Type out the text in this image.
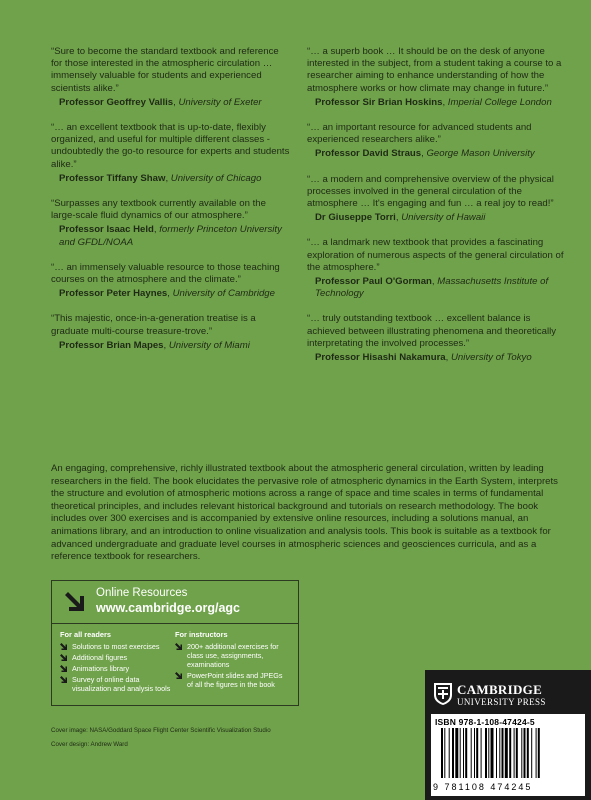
“Sure to become the standard textbook and reference for those interested in the atmospheric circulation … immensely valuable for students and experienced scientists alike.”
Professor Geoffrey Vallis, University of Exeter
“… an excellent textbook that is up-to-date, flexibly organized, and useful for multiple different classes - undoubtedly the go-to resource for experts and students alike.”
Professor Tiffany Shaw, University of Chicago
“Surpasses any textbook currently available on the large-scale fluid dynamics of our atmosphere.”
Professor Isaac Held, formerly Princeton University and GFDL/NOAA
“… an immensely valuable resource to those teaching courses on the atmosphere and the climate.”
Professor Peter Haynes, University of Cambridge
“This majestic, once-in-a-generation treatise is a graduate multi-course treasure-trove.”
Professor Brian Mapes, University of Miami
“… a superb book … It should be on the desk of anyone interested in the subject, from a student taking a course to a researcher aiming to enhance understanding of how the atmosphere works or how climate may change in future.”
Professor Sir Brian Hoskins, Imperial College London
“… an important resource for advanced students and experienced researchers alike.”
Professor David Straus, George Mason University
“… a modern and comprehensive overview of the physical processes involved in the general circulation of the atmosphere … It's engaging and fun … a real joy to read!”
Dr Giuseppe Torri, University of Hawaii
“… a landmark new textbook that provides a fascinating exploration of numerous aspects of the general circulation of the atmosphere.”
Professor Paul O'Gorman, Massachusetts Institute of Technology
“… truly outstanding textbook … excellent balance is achieved between illustrating phenomena and theoretically interpretating the involved processes.”
Professor Hisashi Nakamura, University of Tokyo
An engaging, comprehensive, richly illustrated textbook about the atmospheric general circulation, written by leading researchers in the field. The book elucidates the pervasive role of atmospheric dynamics in the Earth System, interprets the structure and evolution of atmospheric motions across a range of space and time scales in terms of fundamental theoretical principles, and includes relevant historical background and tutorials on research methodology. The book includes over 300 exercises and is accompanied by extensive online resources, including a solutions manual, an animations library, and an introduction to online visualization and analysis tools. This book is suitable as a textbook for advanced undergraduate and graduate level courses in atmospheric sciences and geosciences curricula, and as a reference textbook for researchers.
Online Resources
www.cambridge.org/agc
For all readers
Solutions to most exercises
Additional figures
Animations library
Survey of online data visualization and analysis tools
For instructors
200+ additional exercises for class use, assignments, examinations
PowerPoint slides and JPEGs of all the figures in the book
Cover image: NASA/Goddard Space Flight Center Scientific Visualization Studio
Cover design: Andrew Ward
CAMBRIDGE
UNIVERSITY PRESS
ISBN 978-1-108-47424-5
9 781108 474245
